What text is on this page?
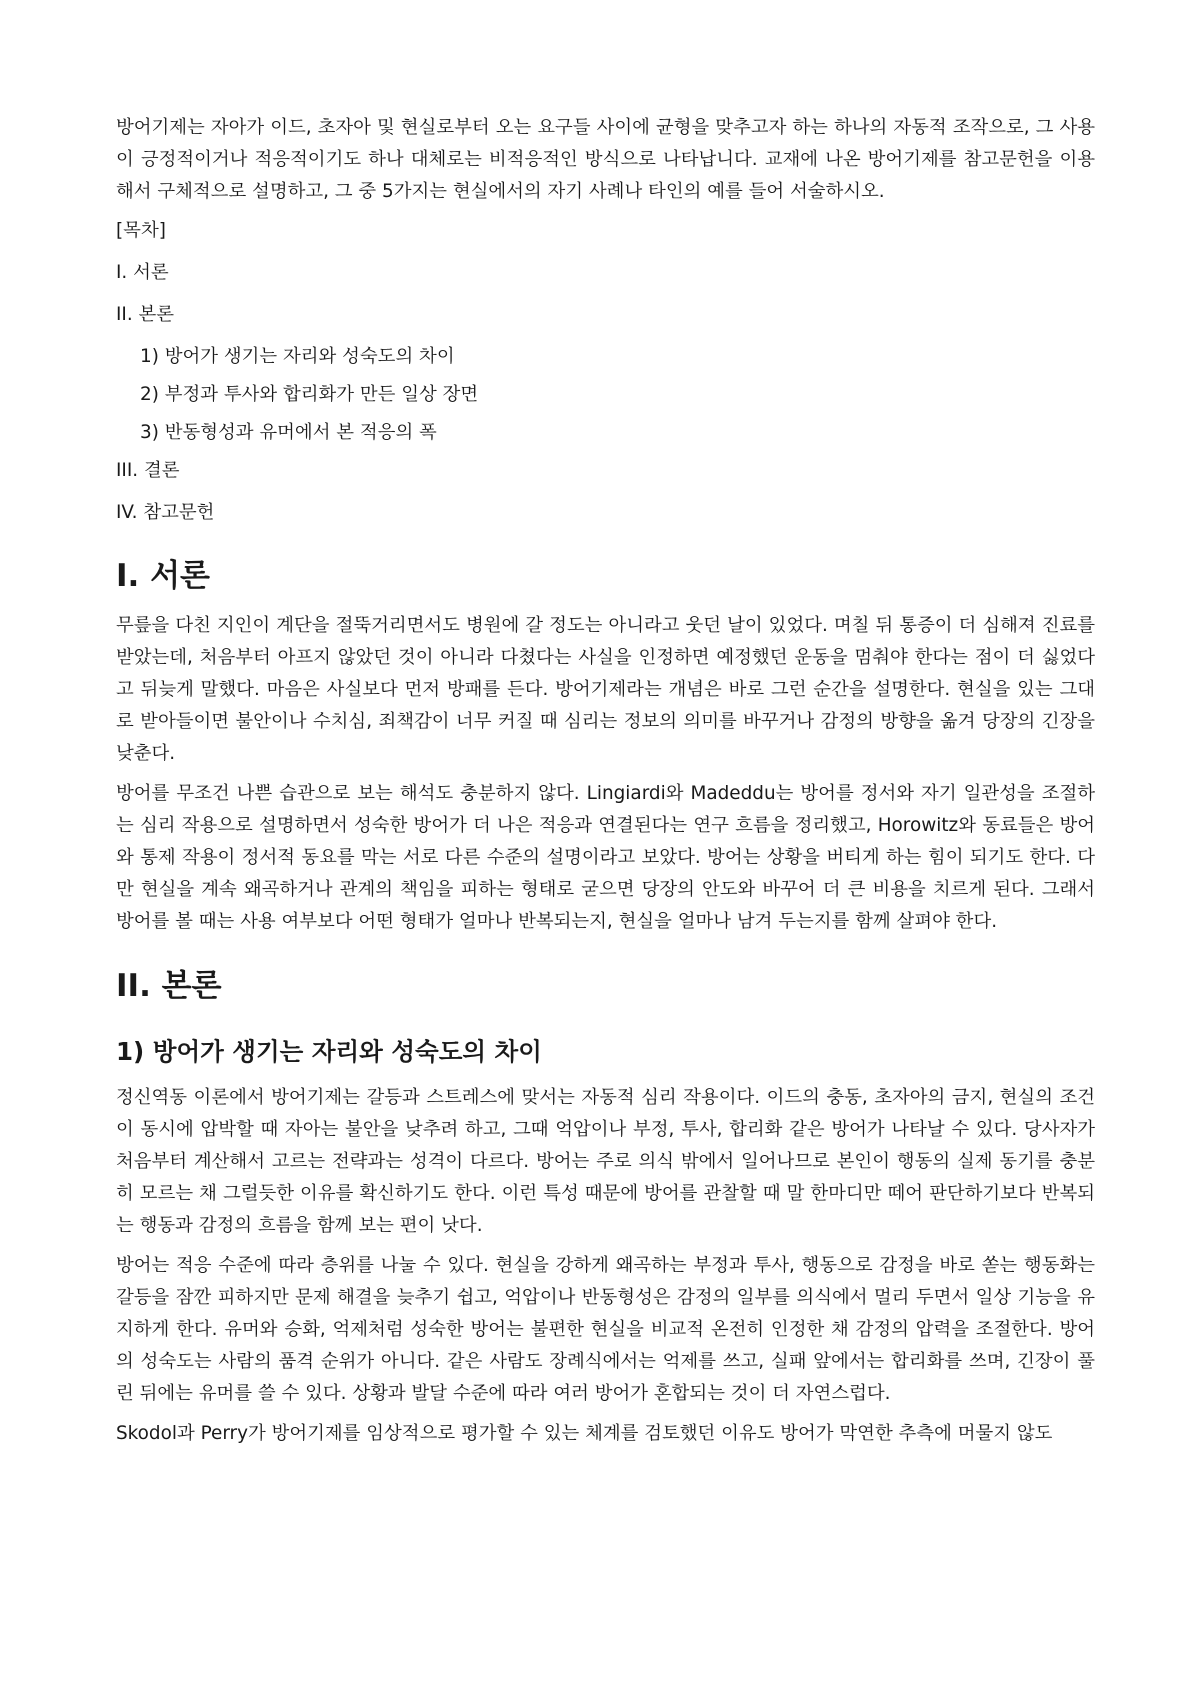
방어기제는 자아가 이드, 초자아 및 현실로부터 오는 요구들 사이에 균형을 맞추고자 하는 하나의 자동적 조작으로, 그 사용이 긍정적이거나 적응적이기도 하나 대체로는 비적응적인 방식으로 나타납니다. 교재에 나온 방어기제를 참고문헌을 이용해서 구체적으로 설명하고, 그 중 5가지는 현실에서의 자기 사례나 타인의 예를 들어 서술하시오.

[목차]
I. 서론
II. 본론
1) 방어가 생기는 자리와 성숙도의 차이
2) 부정과 투사와 합리화가 만든 일상 장면
3) 반동형성과 유머에서 본 적응의 폭
III. 결론
IV. 참고문헌
I. 서론

무릎을 다친 지인이 계단을 절뚝거리면서도 병원에 갈 정도는 아니라고 웃던 날이 있었다. 며칠 뒤 통증이 더 심해져 진료를 받았는데, 처음부터 아프지 않았던 것이 아니라 다쳤다는 사실을 인정하면 예정했던 운동을 멈춰야 한다는 점이 더 싫었다고 뒤늦게 말했다. 마음은 사실보다 먼저 방패를 든다. 방어기제라는 개념은 바로 그런 순간을 설명한다. 현실을 있는 그대로 받아들이면 불안이나 수치심, 죄책감이 너무 커질 때 심리는 정보의 의미를 바꾸거나 감정의 방향을 옮겨 당장의 긴장을 낮춘다.

방어를 무조건 나쁜 습관으로 보는 해석도 충분하지 않다. Lingiardi와 Madeddu는 방어를 정서와 자기 일관성을 조절하는 심리 작용으로 설명하면서 성숙한 방어가 더 나은 적응과 연결된다는 연구 흐름을 정리했고, Horowitz와 동료들은 방어와 통제 작용이 정서적 동요를 막는 서로 다른 수준의 설명이라고 보았다. 방어는 상황을 버티게 하는 힘이 되기도 한다. 다만 현실을 계속 왜곡하거나 관계의 책임을 피하는 형태로 굳으면 당장의 안도와 바꾸어 더 큰 비용을 치르게 된다. 그래서 방어를 볼 때는 사용 여부보다 어떤 형태가 얼마나 반복되는지, 현실을 얼마나 남겨 두는지를 함께 살펴야 한다.

II. 본론
1) 방어가 생기는 자리와 성숙도의 차이

정신역동 이론에서 방어기제는 갈등과 스트레스에 맞서는 자동적 심리 작용이다. 이드의 충동, 초자아의 금지, 현실의 조건이 동시에 압박할 때 자아는 불안을 낮추려 하고, 그때 억압이나 부정, 투사, 합리화 같은 방어가 나타날 수 있다. 당사자가 처음부터 계산해서 고르는 전략과는 성격이 다르다. 방어는 주로 의식 밖에서 일어나므로 본인이 행동의 실제 동기를 충분히 모르는 채 그럴듯한 이유를 확신하기도 한다. 이런 특성 때문에 방어를 관찰할 때 말 한마디만 떼어 판단하기보다 반복되는 행동과 감정의 흐름을 함께 보는 편이 낫다.

방어는 적응 수준에 따라 층위를 나눌 수 있다. 현실을 강하게 왜곡하는 부정과 투사, 행동으로 감정을 바로 쏟는 행동화는 갈등을 잠깐 피하지만 문제 해결을 늦추기 쉽고, 억압이나 반동형성은 감정의 일부를 의식에서 멀리 두면서 일상 기능을 유지하게 한다. 유머와 승화, 억제처럼 성숙한 방어는 불편한 현실을 비교적 온전히 인정한 채 감정의 압력을 조절한다. 방어의 성숙도는 사람의 품격 순위가 아니다. 같은 사람도 장례식에서는 억제를 쓰고, 실패 앞에서는 합리화를 쓰며, 긴장이 풀린 뒤에는 유머를 쓸 수 있다. 상황과 발달 수준에 따라 여러 방어가 혼합되는 것이 더 자연스럽다.

Skodol과 Perry가 방어기제를 임상적으로 평가할 수 있는 체계를 검토했던 이유도 방어가 막연한 추측에 머물지 않도
